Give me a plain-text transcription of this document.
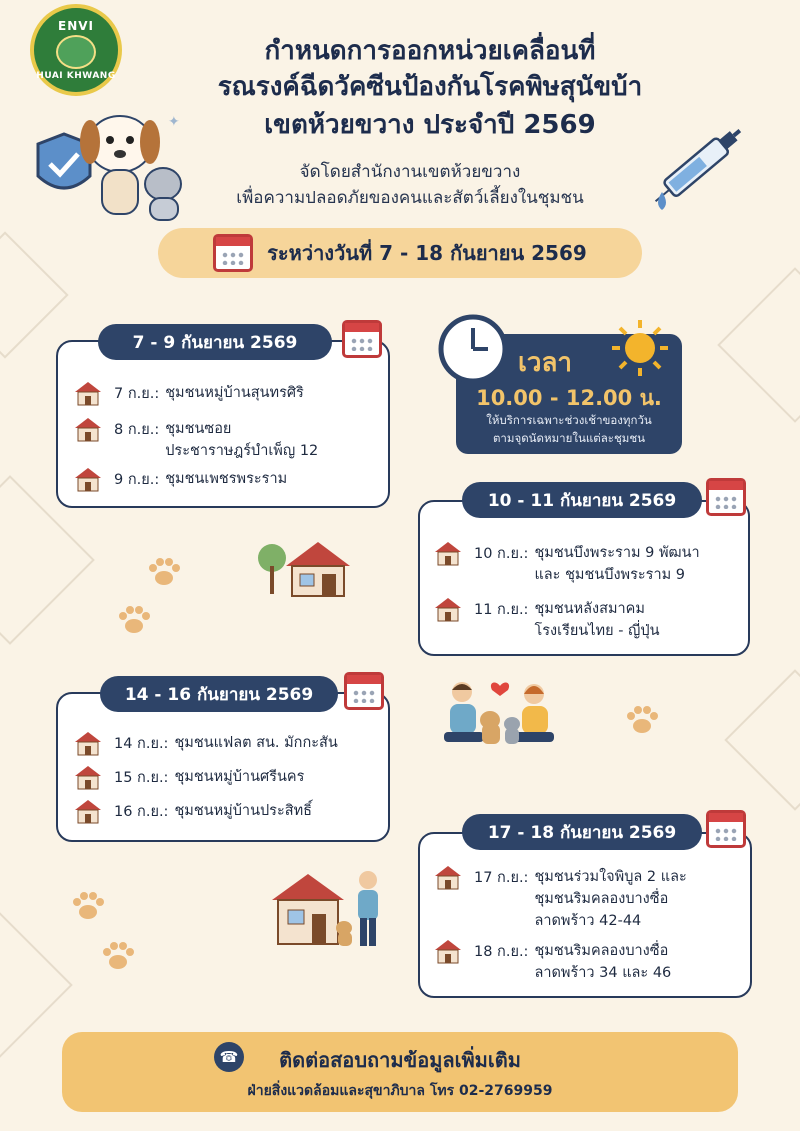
ENVI
HUAI KHWANG
กำหนดการออกหน่วยเคลื่อนที่
รณรงค์ฉีดวัคซีนป้องกันโรคพิษสุนัขบ้า
เขตห้วยขวาง ประจำปี 2569
จัดโดยสำนักงานเขตห้วยขวาง
เพื่อความปลอดภัยของคนและสัตว์เลี้ยงในชุมชน
✦
ระหว่างวันที่ 7 - 18 กันยายน 2569
7 - 9 กันยายน 2569
7 ก.ย.: ชุมชนหมู่บ้านสุนทรศิริ
8 ก.ย.: ชุมชนซอย
ประชาราษฎร์บำเพ็ญ 12
9 ก.ย.: ชุมชนเพชรพระราม
เวลา
10.00 - 12.00 น.
ให้บริการเฉพาะช่วงเช้าของทุกวัน
ตามจุดนัดหมายในแต่ละชุมชน
10 - 11 กันยายน 2569
10 ก.ย.: ชุมชนบึงพระราม 9 พัฒนา
และ ชุมชนบึงพระราม 9
11 ก.ย.: ชุมชนหลังสมาคม
โรงเรียนไทย - ญี่ปุ่น
14 - 16 กันยายน 2569
14 ก.ย.: ชุมชนแฟลต สน. มักกะสัน
15 ก.ย.: ชุมชนหมู่บ้านศรีนคร
16 ก.ย.: ชุมชนหมู่บ้านประสิทธิ์
17 - 18 กันยายน 2569
17 ก.ย.: ชุมชนร่วมใจพิบูล 2 และ
ชุมชนริมคลองบางซื่อ
ลาดพร้าว 42-44
18 ก.ย.: ชุมชนริมคลองบางซื่อ
ลาดพร้าว 34 และ 46
☎	ติดต่อสอบถามข้อมูลเพิ่มเติม
ฝ่ายสิ่งแวดล้อมและสุขาภิบาล โทร 02-2769959
